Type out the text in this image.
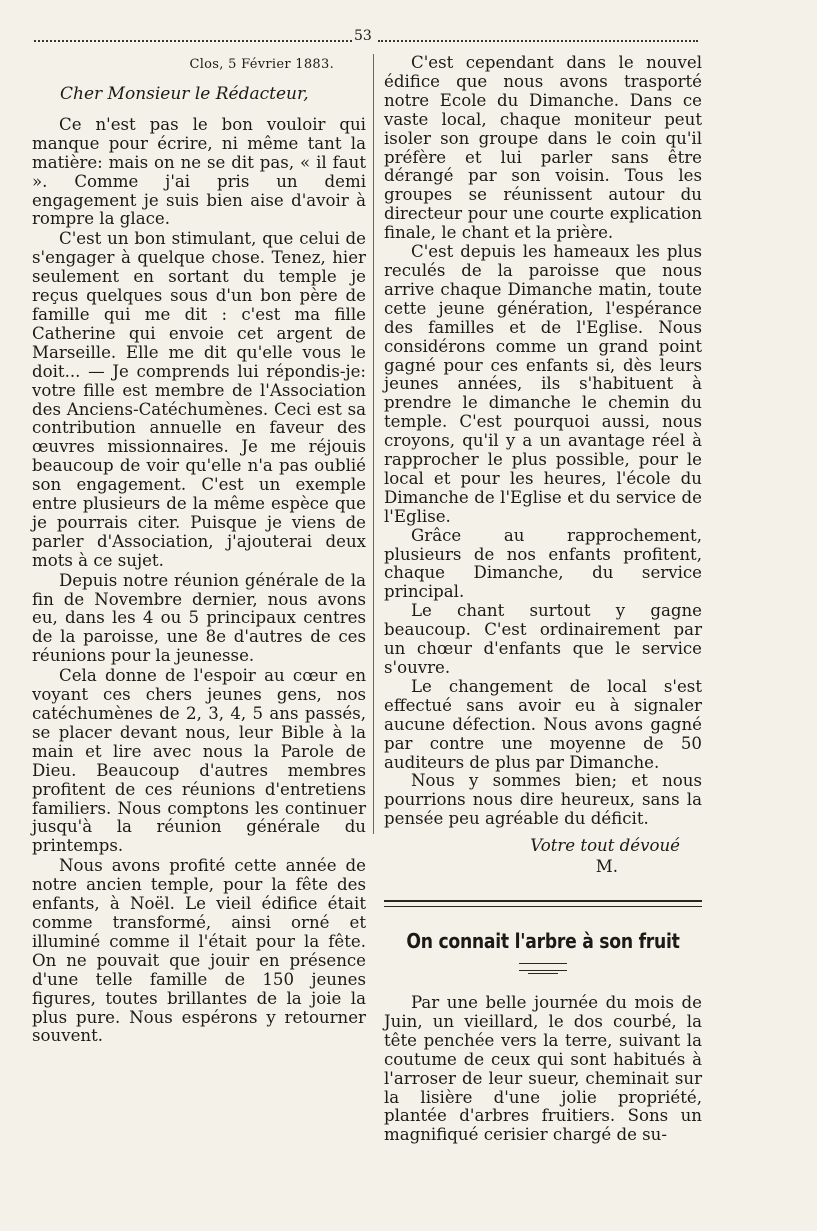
53

Clos, 5 Février 1883.

Cher Monsieur le Rédacteur,

Ce n'est pas le bon vouloir qui manque pour écrire, ni même tant la matière: mais on ne se dit pas, « il faut ». Comme j'ai pris un demi engagement je suis bien aise d'avoir à rompre la glace.

C'est un bon stimulant, que celui de s'engager à quelque chose. Tenez, hier seulement en sortant du temple je reçus quelques sous d'un bon père de famille qui me dit : c'est ma fille Catherine qui envoie cet argent de Marseille. Elle me dit qu'elle vous le doit... — Je comprends lui répondis-je: votre fille est membre de l'Association des Anciens-Catéchumènes. Ceci est sa contribution annuelle en faveur des œuvres missionnaires. Je me réjouis beaucoup de voir qu'elle n'a pas oublié son engagement. C'est un exemple entre plusieurs de la même espèce que je pourrais citer. Puisque je viens de parler d'Association, j'ajouterai deux mots à ce sujet.

Depuis notre réunion générale de la fin de Novembre dernier, nous avons eu, dans les 4 ou 5 principaux centres de la paroisse, une 8e d'autres de ces réunions pour la jeunesse.

Cela donne de l'espoir au cœur en voyant ces chers jeunes gens, nos catéchumènes de 2, 3, 4, 5 ans passés, se placer devant nous, leur Bible à la main et lire avec nous la Parole de Dieu. Beaucoup d'autres membres profitent de ces réunions d'entretiens familiers. Nous comptons les continuer jusqu'à la réunion générale du printemps.

Nous avons profité cette année de notre ancien temple, pour la fête des enfants, à Noël. Le vieil édifice était comme transformé, ainsi orné et illuminé comme il l'était pour la fête. On ne pouvait que jouir en présence d'une telle famille de 150 jeunes figures, toutes brillantes de la joie la plus pure. Nous espérons y retourner souvent.

C'est cependant dans le nouvel édifice que nous avons trasporté notre Ecole du Dimanche. Dans ce vaste local, chaque moniteur peut isoler son groupe dans le coin qu'il préfère et lui parler sans être dérangé par son voisin. Tous les groupes se réunissent autour du directeur pour une courte explication finale, le chant et la prière.

C'est depuis les hameaux les plus reculés de la paroisse que nous arrive chaque Dimanche matin, toute cette jeune génération, l'espérance des familles et de l'Eglise. Nous considérons comme un grand point gagné pour ces enfants si, dès leurs jeunes années, ils s'habituent à prendre le dimanche le chemin du temple. C'est pourquoi aussi, nous croyons, qu'il y a un avantage réel à rapprocher le plus possible, pour le local et pour les heures, l'école du Dimanche de l'Eglise et du service de l'Eglise.

Grâce au rapprochement, plusieurs de nos enfants profitent, chaque Dimanche, du service principal.

Le chant surtout y gagne beaucoup. C'est ordinairement par un chœur d'enfants que le service s'ouvre.

Le changement de local s'est effectué sans avoir eu à signaler aucune défection. Nous avons gagné par contre une moyenne de 50 auditeurs de plus par Dimanche.

Nous y sommes bien; et nous pourrions nous dire heureux, sans la pensée peu agréable du déficit.

Votre tout dévoué

M.

On connait l'arbre à son fruit

Par une belle journée du mois de Juin, un vieillard, le dos courbé, la tête penchée vers la terre, suivant la coutume de ceux qui sont habitués à l'arroser de leur sueur, cheminait sur la lisière d'une jolie propriété, plantée d'arbres fruitiers. Sons un magnifiqué cerisier chargé de su-
